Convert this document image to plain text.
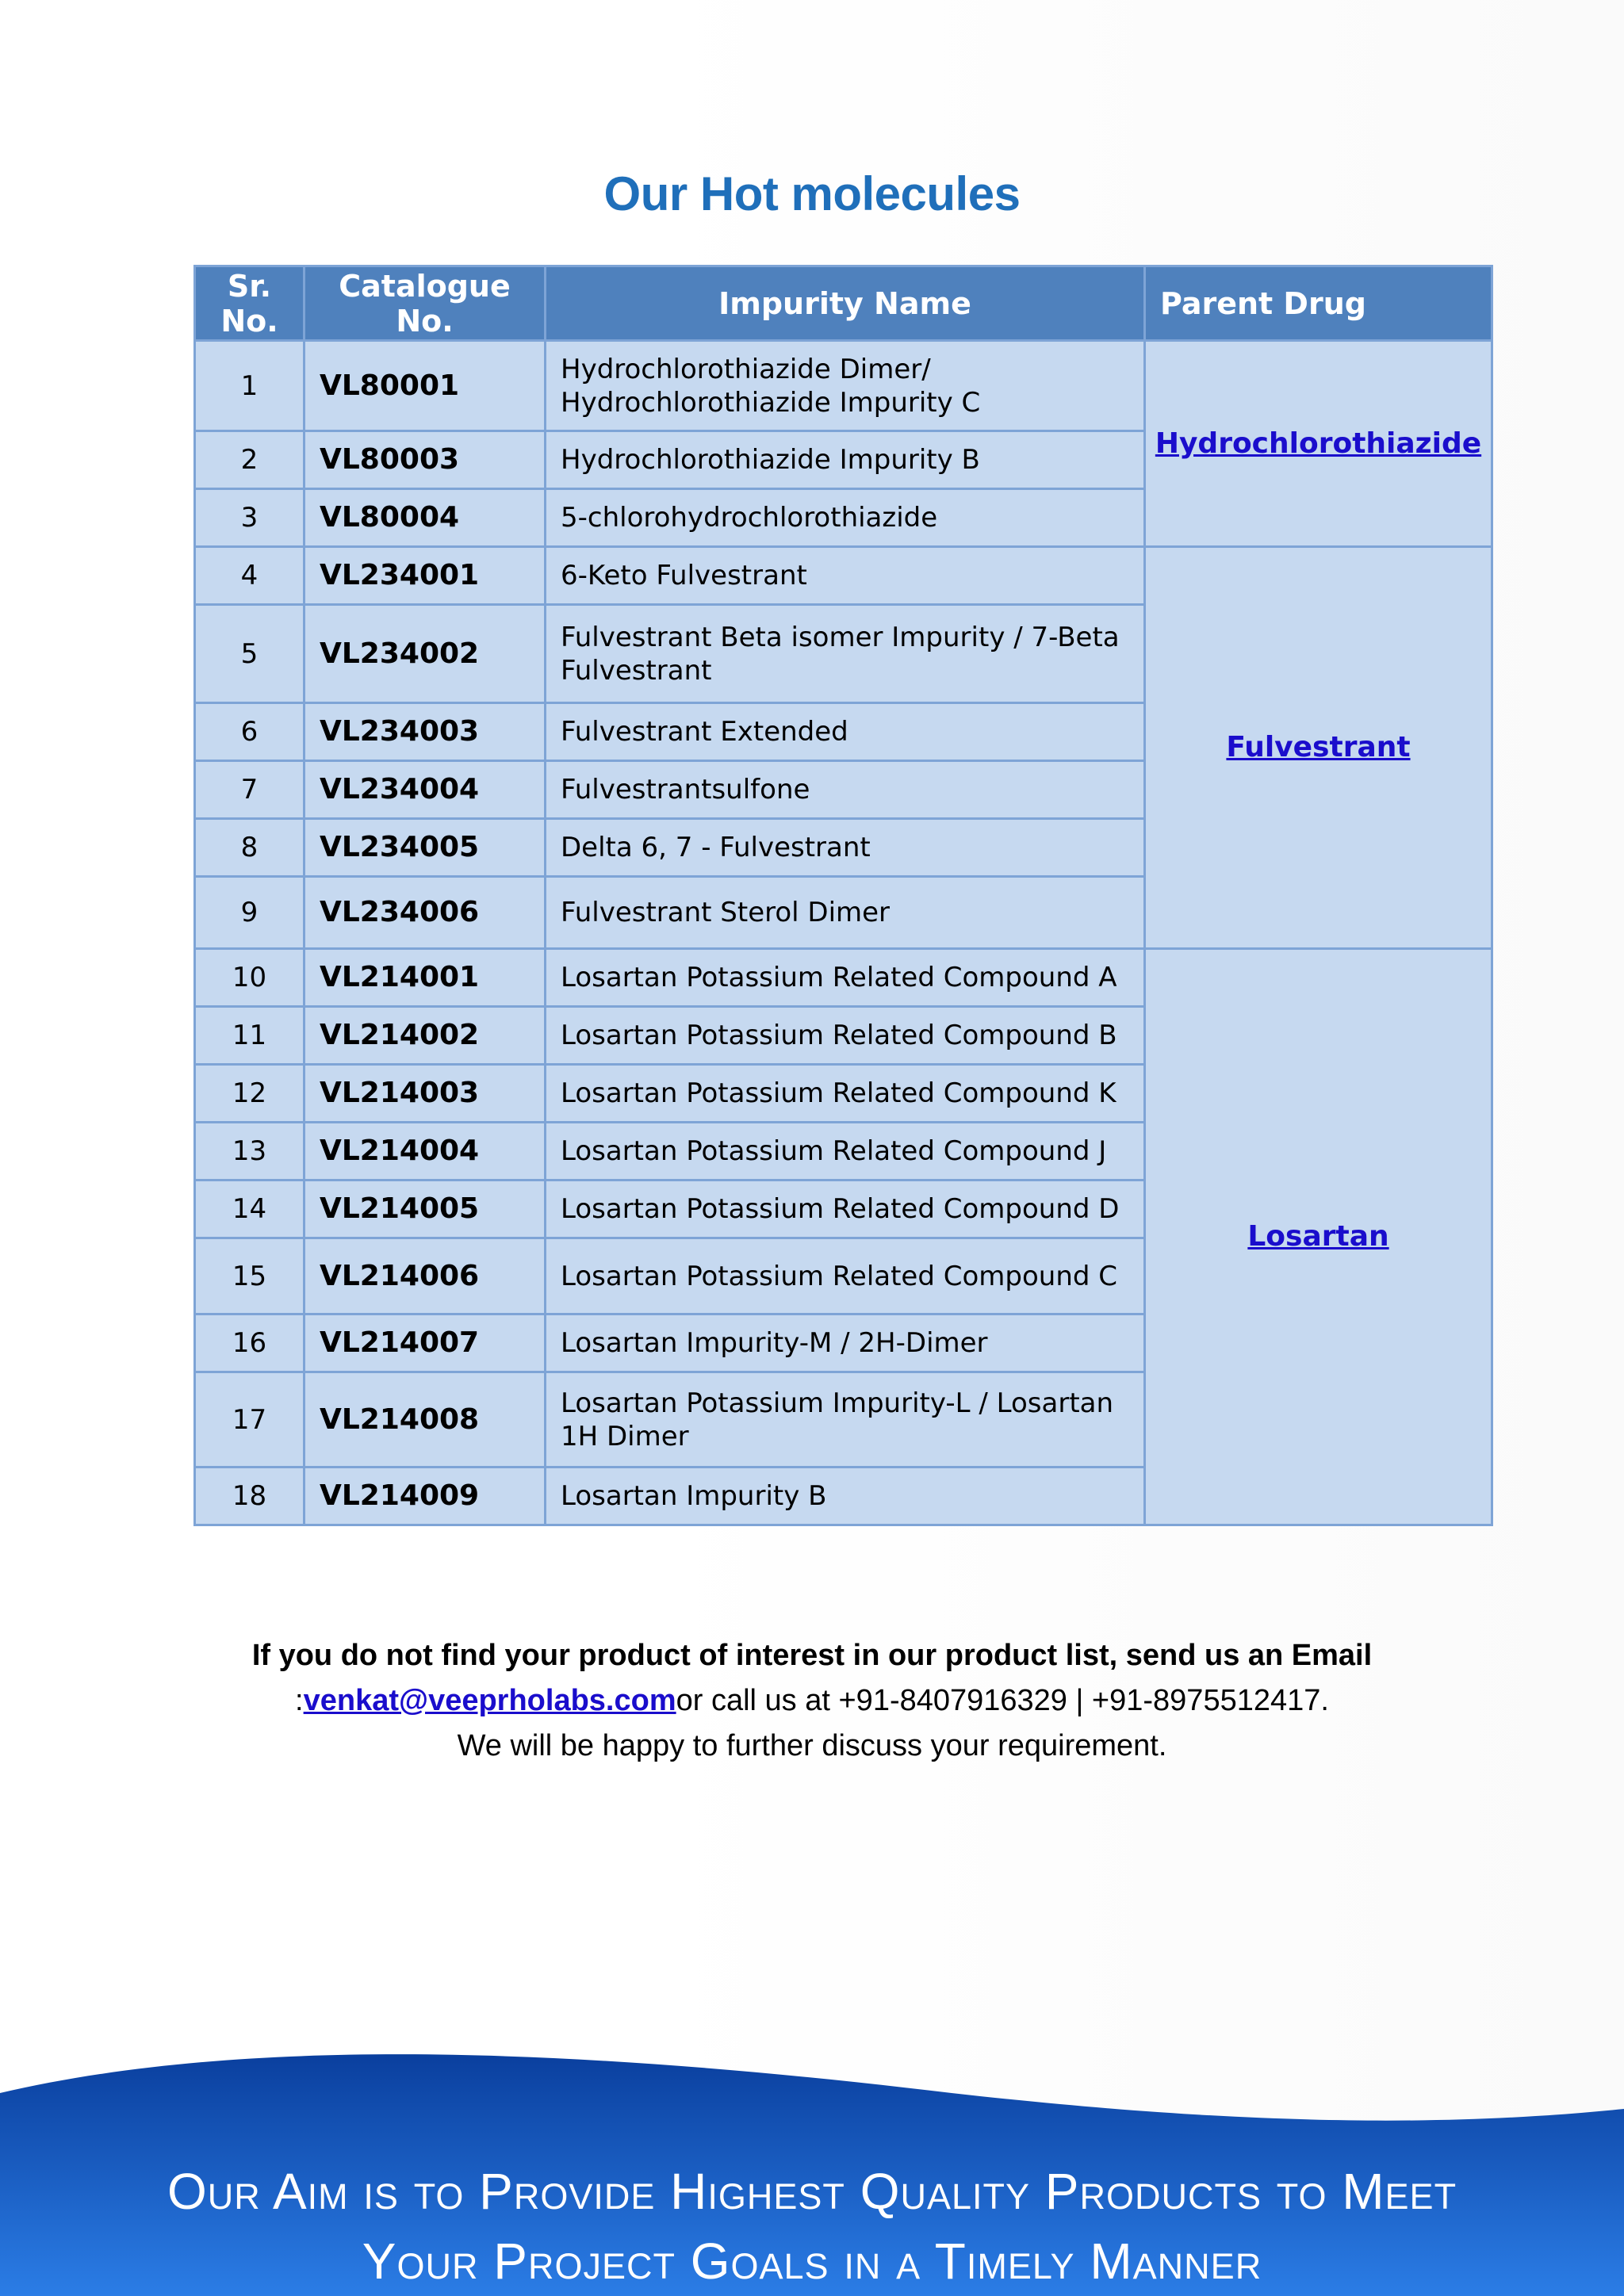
Our Hot molecules
Sr. No.	Catalogue No.	Impurity Name	Parent Drug
1	VL80001	Hydrochlorothiazide Dimer/ Hydrochlorothiazide Impurity C	Hydrochlorothiazide
2	VL80003	Hydrochlorothiazide Impurity B	
3	VL80004	5-chlorohydrochlorothiazide	
4	VL234001	6-Keto Fulvestrant	Fulvestrant
5	VL234002	Fulvestrant Beta isomer Impurity / 7-Beta Fulvestrant	
6	VL234003	Fulvestrant Extended	
7	VL234004	Fulvestrantsulfone	
8	VL234005	Delta 6, 7 - Fulvestrant	
9	VL234006	Fulvestrant Sterol Dimer	
10	VL214001	Losartan Potassium Related Compound A	Losartan
11	VL214002	Losartan Potassium Related Compound B	
12	VL214003	Losartan Potassium Related Compound K	
13	VL214004	Losartan Potassium Related Compound J	
14	VL214005	Losartan Potassium Related Compound D	
15	VL214006	Losartan Potassium Related Compound C	
16	VL214007	Losartan Impurity-M / 2H-Dimer	
17	VL214008	Losartan Potassium Impurity-L / Losartan 1H Dimer	
18	VL214009	Losartan Impurity B	
If you do not find your product of interest in our product list, send us an Email
:venkat@veeprholabs.comor call us at +91-8407916329 | +91-8975512417.
We will be happy to further discuss your requirement.
Our Aim is to Provide Highest Quality Products to Meet
Your Project Goals in a Timely Manner
